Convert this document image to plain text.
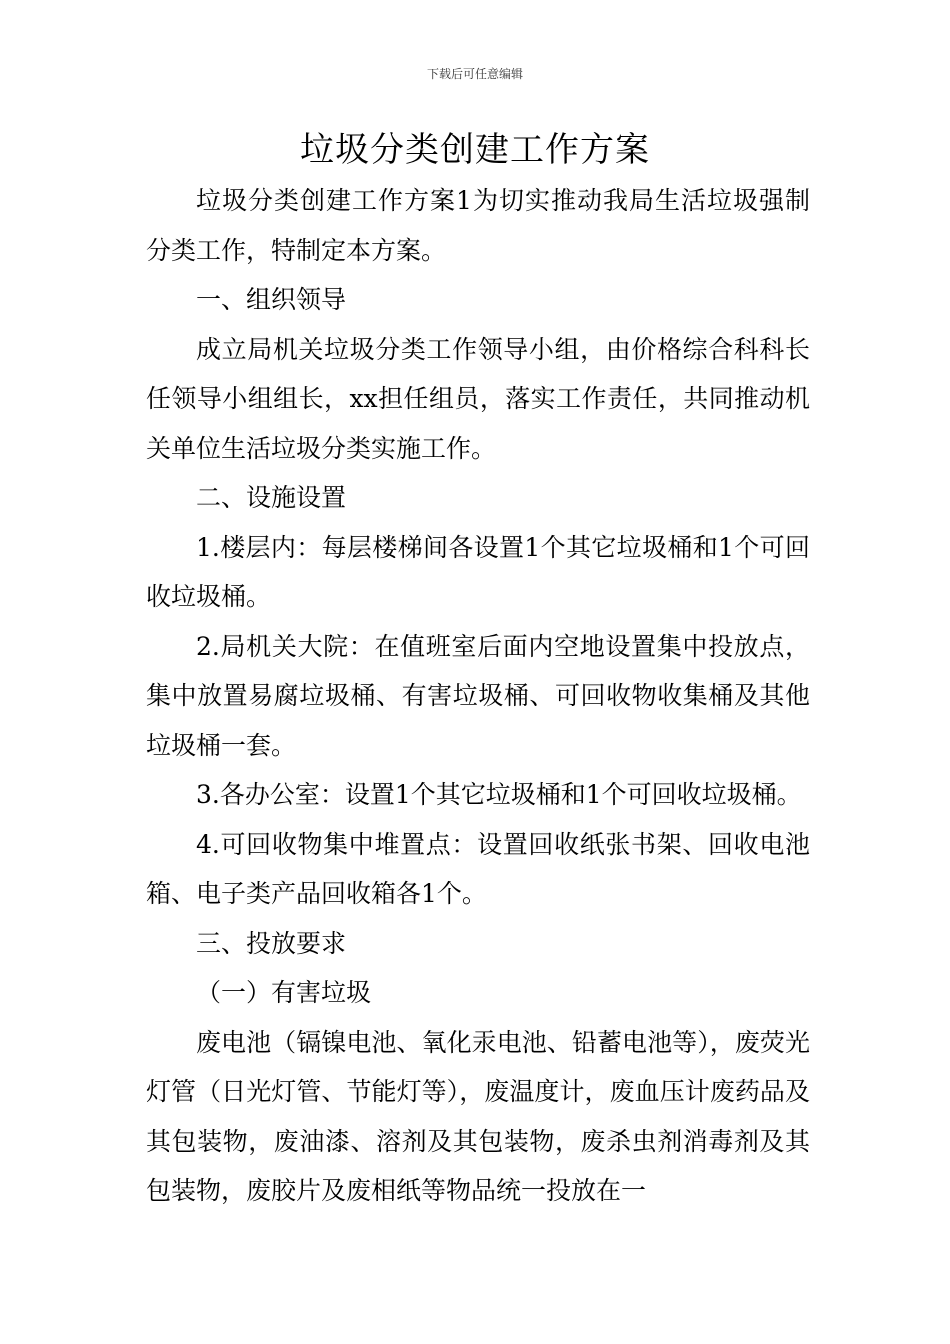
下载后可任意编辑
垃圾分类创建工作方案

垃圾分类创建工作方案1为切实推动我局生活垃圾强制分类工作，特制定本方案。

一、组织领导

成立局机关垃圾分类工作领导小组，由价格综合科科长任领导小组组长，xx担任组员，落实工作责任，共同推动机关单位生活垃圾分类实施工作。

二、设施设置

1.楼层内：每层楼梯间各设置1个其它垃圾桶和1个可回收垃圾桶。

2.局机关大院：在值班室后面内空地设置集中投放点，集中放置易腐垃圾桶、有害垃圾桶、可回收物收集桶及其他垃圾桶一套。

3.各办公室：设置1个其它垃圾桶和1个可回收垃圾桶。

4.可回收物集中堆置点：设置回收纸张书架、回收电池箱、电子类产品回收箱各1个。

三、投放要求

（一）有害垃圾

废电池（镉镍电池、氧化汞电池、铅蓄电池等），废荧光灯管（日光灯管、节能灯等），废温度计，废血压计废药品及其包装物，废油漆、溶剂及其包装物，废杀虫剂消毒剂及其包装物，废胶片及废相纸等物品统一投放在一
